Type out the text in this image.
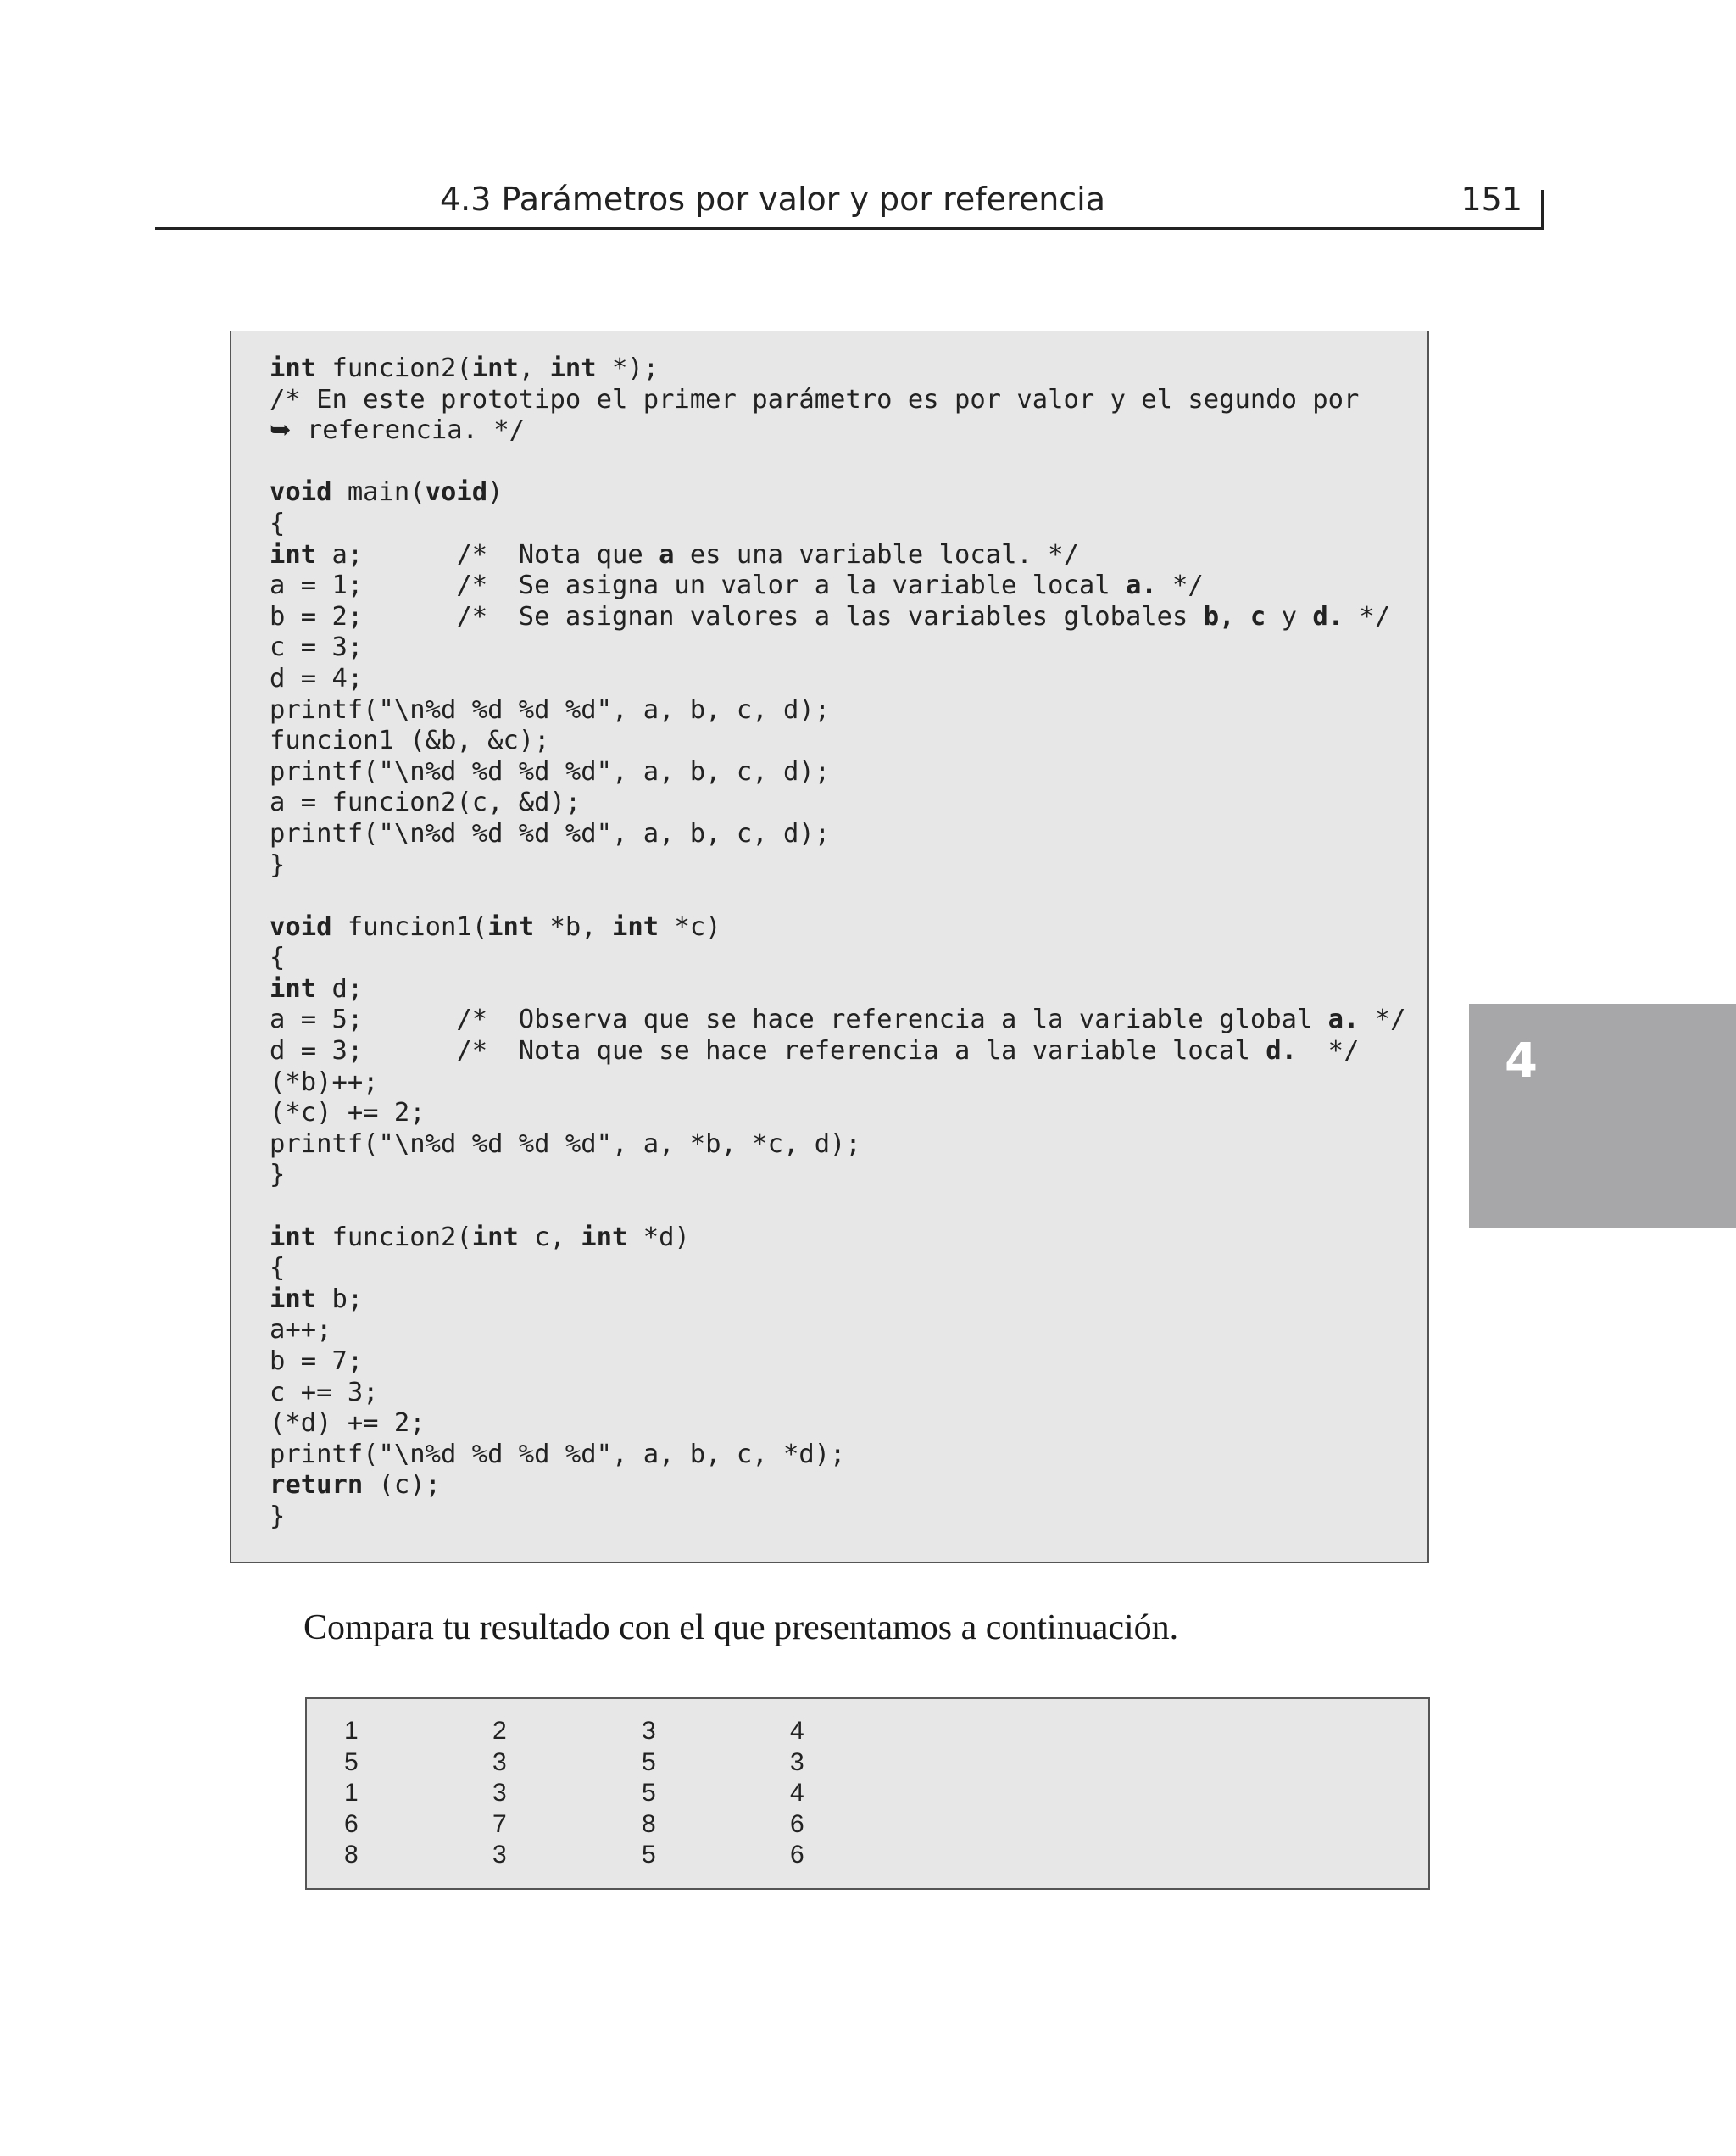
4.3 Parámetros por valor y por referencia	151
4
int funcion2(int, int *);
/* En este prototipo el primer parámetro es por valor y el segundo por
➥ referencia. */
void main(void)
{
int a;      /*  Nota que a es una variable local. */
a = 1;      /*  Se asigna un valor a la variable local a. */
b = 2;      /*  Se asignan valores a las variables globales b, c y d. */
c = 3;
d = 4;
printf("\n%d %d %d %d", a, b, c, d);
funcion1 (&b, &c);
printf("\n%d %d %d %d", a, b, c, d);
a = funcion2(c, &d);
printf("\n%d %d %d %d", a, b, c, d);
}
void funcion1(int *b, int *c)
{
int d;
a = 5;      /*  Observa que se hace referencia a la variable global a. */
d = 3;      /*  Nota que se hace referencia a la variable local d.  */
(*b)++;
(*c) += 2;
printf("\n%d %d %d %d", a, *b, *c, d);
}
int funcion2(int c, int *d)
{
int b;
a++;
b = 7;
c += 3;
(*d) += 2;
printf("\n%d %d %d %d", a, b, c, *d);
return (c);
}
Compara tu resultado con el que presentamos a continuación.
1	2	3	4
5	3	5	3
1	3	5	4
6	7	8	6
8	3	5	6
